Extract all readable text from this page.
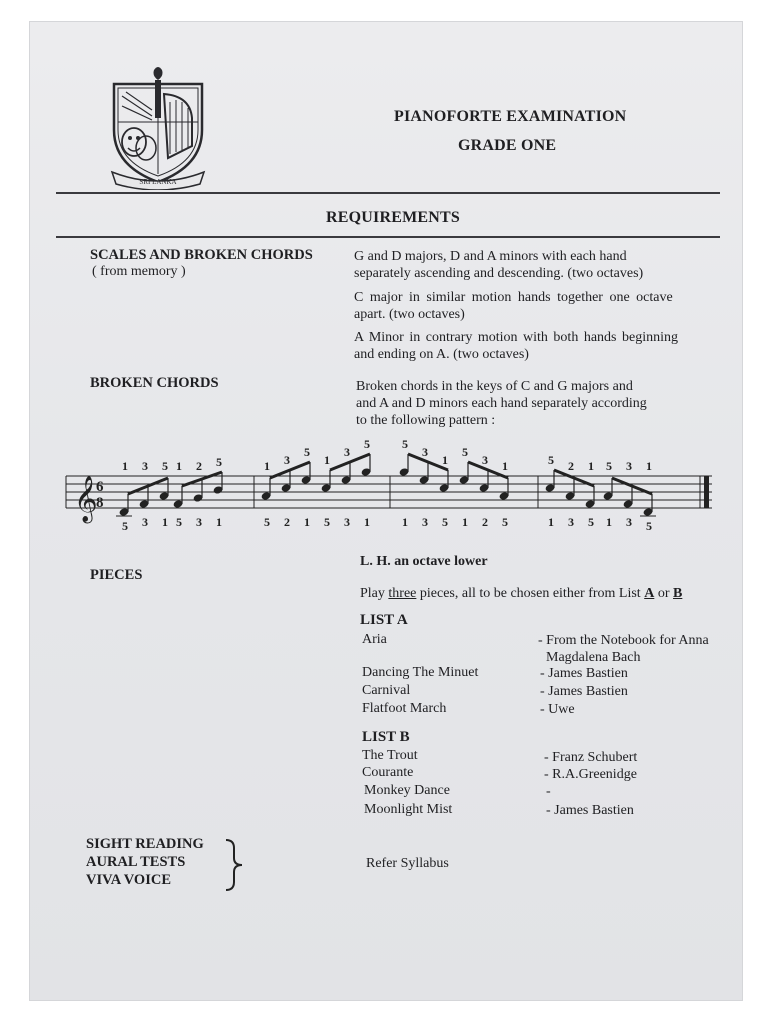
SRI LANKA
PIANOFORTE EXAMINATION
GRADE ONE
REQUIREMENTS
SCALES AND BROKEN CHORDS
( from memory )
G and D majors, D and A minors with each hand
separately ascending and descending. (two octaves)
C major in similar motion hands together one octave
apart. (two octaves)
A Minor in contrary motion with both hands beginning
and ending on A. (two octaves)
BROKEN CHORDS	Broken chords in the keys of C and G majors and
and A and D minors each hand separately according
to the following pattern :
𝄞
6
8
1
5
3
3
5
1
1
5
2
3
5
1
1
5
3
2
5
1
1
5
3
3
5
1
5
1
3
3
1
5
5
1
3
2
1
5
5
1
2
3
1
5
5
1
3
3
1
5
L. H. an octave lower
PIECES
Play three pieces, all to be chosen either from List A or B
LIST A
Aria	- From the Notebook for Anna
Magdalena Bach
Dancing The Minuet	- James Bastien
Carnival	- James Bastien
Flatfoot March	- Uwe
LIST B
The Trout	- Franz Schubert
Courante	- R.A.Greenidge
Monkey Dance	-
Moonlight Mist	- James Bastien
SIGHT READING
AURAL TESTS
VIVA VOICE
Refer Syllabus
